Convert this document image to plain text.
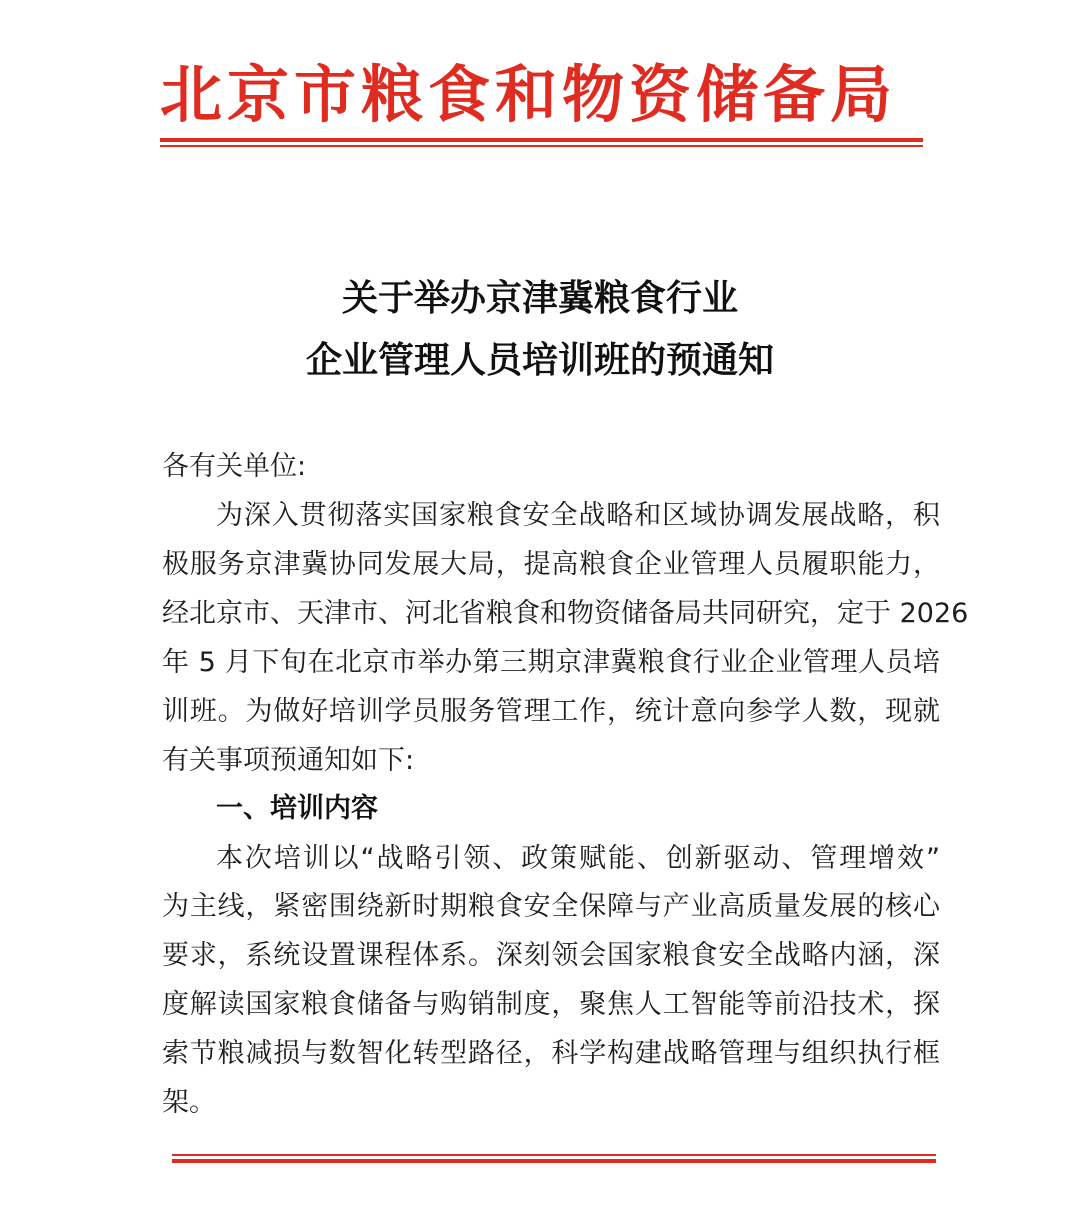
北京市粮食和物资储备局
关于举办京津冀粮食行业
企业管理人员培训班的预通知

各有关单位:

为深入贯彻落实国家粮食安全战略和区域协调发展战略，积

极服务京津冀协同发展大局，提高粮食企业管理人员履职能力，

经北京市、天津市、河北省粮食和物资储备局共同研究，定于 2026

年 5 月下旬在北京市举办第三期京津冀粮食行业企业管理人员培

训班。为做好培训学员服务管理工作，统计意向参学人数，现就

有关事项预通知如下:

一、培训内容

本次培训以“战略引领、政策赋能、创新驱动、管理增效”

为主线，紧密围绕新时期粮食安全保障与产业高质量发展的核心

要求，系统设置课程体系。深刻领会国家粮食安全战略内涵，深

度解读国家粮食储备与购销制度，聚焦人工智能等前沿技术，探

索节粮减损与数智化转型路径，科学构建战略管理与组织执行框

架。
